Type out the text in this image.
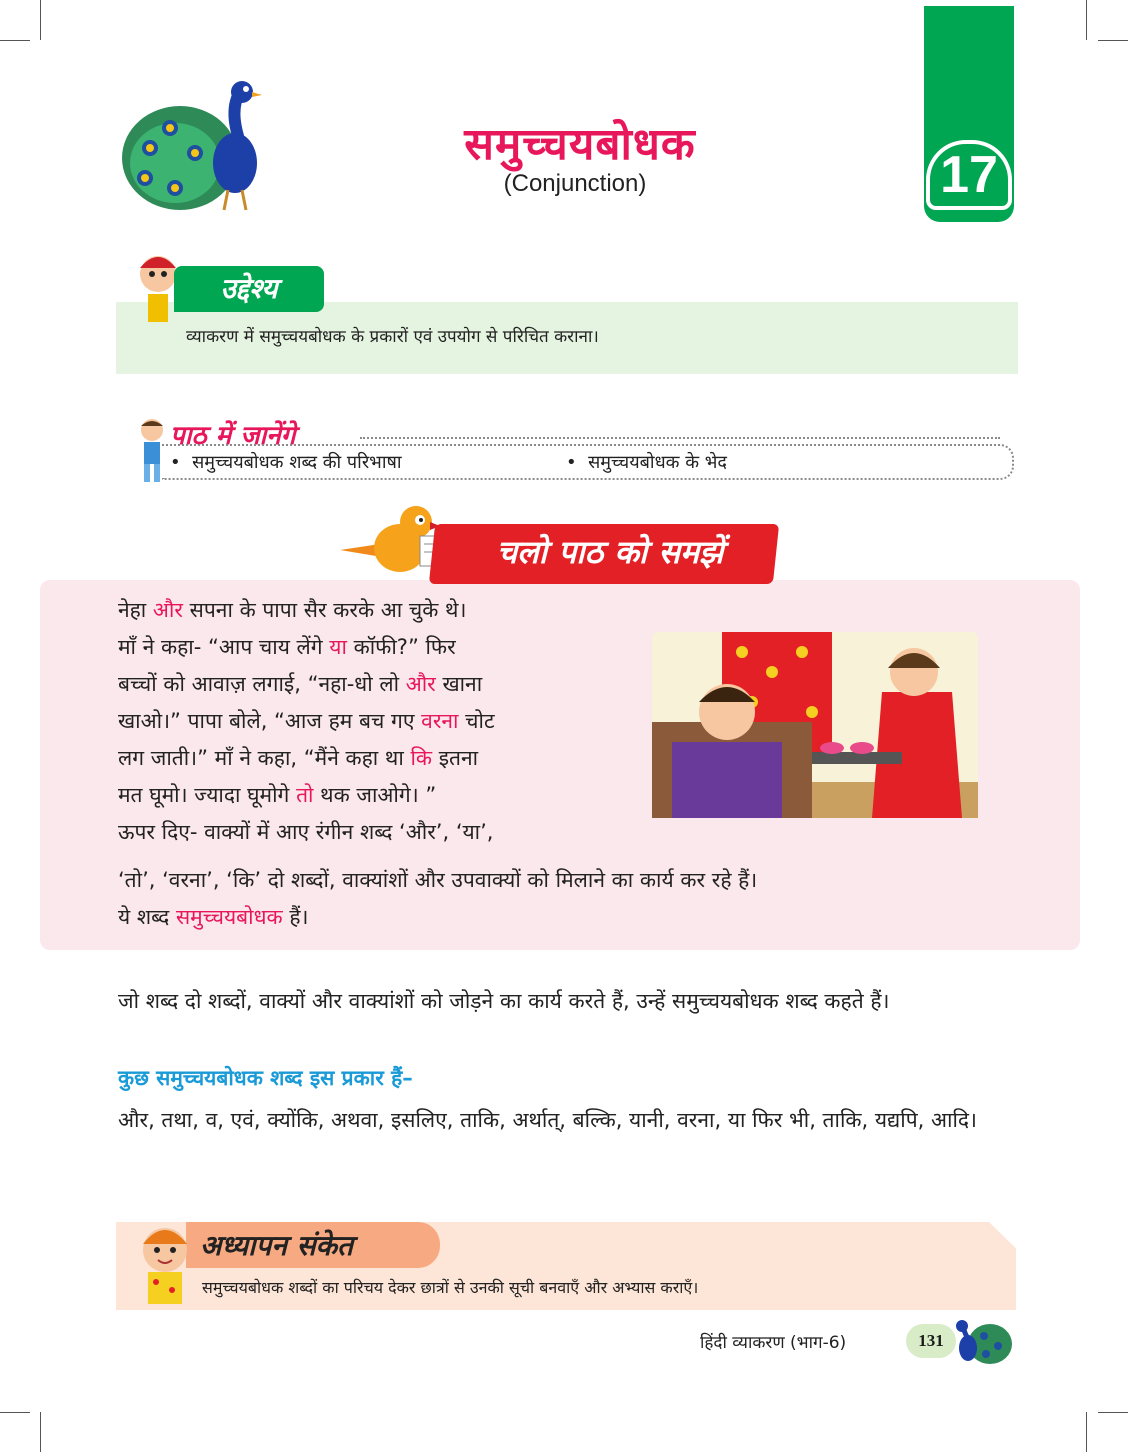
समुच्चयबोधक
(Conjunction)	17
उद्देश्य
व्याकरण में समुच्चयबोधक के प्रकारों एवं उपयोग से परिचित कराना।
पाठ में जानेंगे
•  समुच्चयबोधक शब्द की परिभाषा	•  समुच्चयबोधक के भेद
चलो पाठ को समझें
नेहा और सपना के पापा सैर करके आ चुके थे।
माँ ने कहा- “आप चाय लेंगे या कॉफी?” फिर
बच्चों को आवाज़ लगाई, “नहा-धो लो और खाना
खाओ।” पापा बोले, “आज हम बच गए वरना चोट
लग जाती।” माँ ने कहा, “मैंने कहा था कि इतना
मत घूमो। ज्यादा घूमोगे तो थक जाओगे। ”
ऊपर दिए- वाक्यों में आए रंगीन शब्द ‘और’, ‘या’,
‘तो’, ‘वरना’, ‘कि’ दो शब्दों, वाक्यांशों और उपवाक्यों को मिलाने का कार्य कर रहे हैं।
ये शब्द समुच्चयबोधक हैं।
जो शब्द दो शब्दों, वाक्यों और वाक्यांशों को जोड़ने का कार्य करते हैं, उन्हें समुच्चयबोधक शब्द कहते हैं।
कुछ समुच्चयबोधक शब्द इस प्रकार हैं–
और, तथा, व, एवं, क्योंकि, अथवा, इसलिए, ताकि, अर्थात्, बल्कि, यानी, वरना, या फिर भी, ताकि, यद्यपि, आदि।
अध्यापन संकेत
समुच्चयबोधक शब्दों का परिचय देकर छात्रों से उनकी सूची बनवाएँ और अभ्यास कराएँ।
हिंदी व्याकरण (भाग-6)	131
